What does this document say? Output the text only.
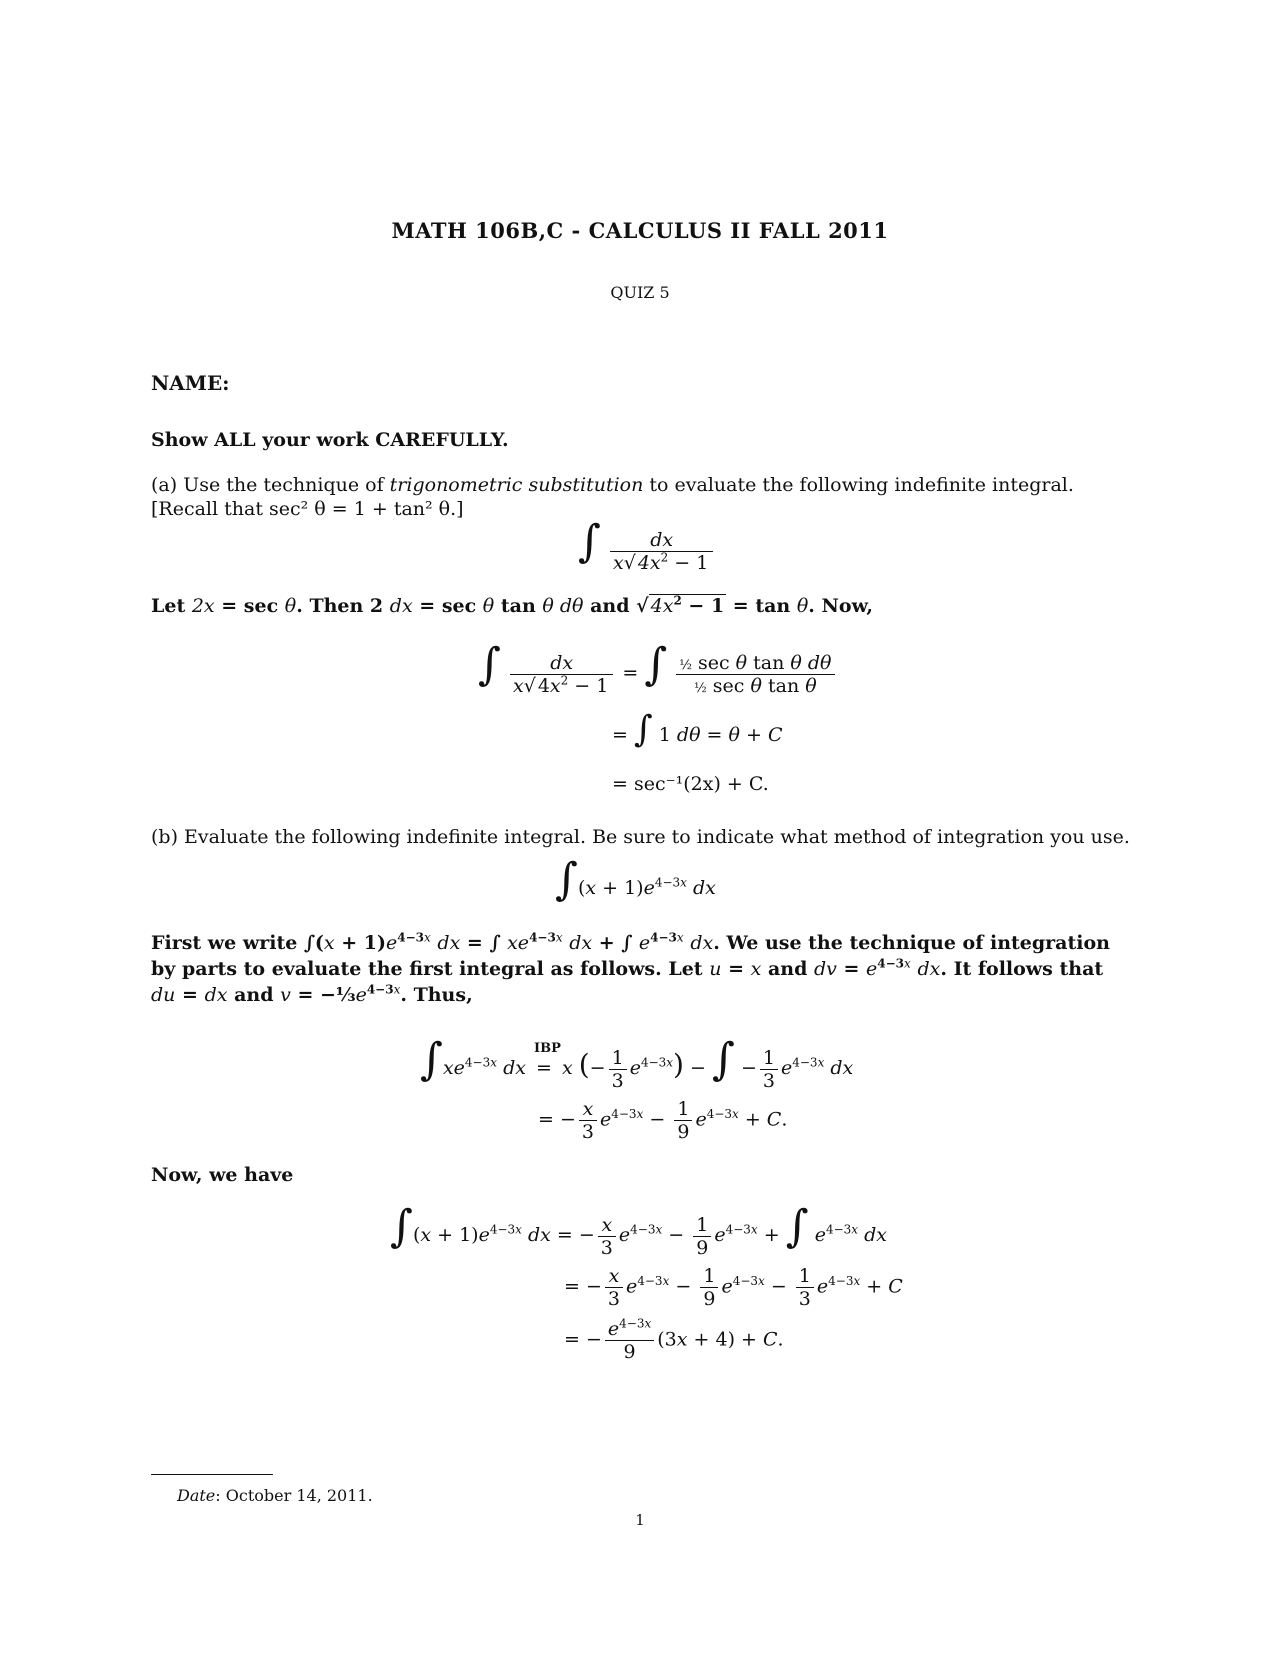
MATH 106B,C - CALCULUS II FALL 2011
QUIZ 5
NAME:
Show ALL your work CAREFULLY.
(a) Use the technique of trigonometric substitution to evaluate the following indefinite integral. [Recall that sec² θ = 1 + tan² θ.]
∫ $\frac{dx}{x√ 4x^2 - 1}$
Let 2x = sec θ. Then 2 dx = sec θ tan θ dθ and √ $4x^2 - 1 = \tan \theta$. Now,
∫ $\frac{dx}{x√ 4x^2 - 1}$ = ∫ $\frac{\text{½ sec θ tan θ dθ}}{\text{½ sec θ tan θ}}$
= ∫ 1 dθ = θ + C
= sec⁻¹(2x) + C.
(b) Evaluate the following indefinite integral. Be sure to indicate what method of integration you use.
$\int(x + 1)e^{4-3x}$ dx
First we write $\int(x + 1)e^{4-3x}$ dx = ∫ $xe^{4-3x}$ dx + ∫ $e^{4-3x}$ dx. We use the technique of integration by parts to evaluate the first integral as follows. Let u = x and dv = $e^{4-3x}$ dx. It follows that du = dx and $v = -\frac{1}{3}e^{4-3x}$. Thus,
$\int xe^{4-3x}$ dx
IBP
= x (− $\frac{1}{3} e^{4-3x}$) − ∫ − $\frac{1}{3} e^{4-3x}$ dx
= − $\frac{x}{3} e^{4-3x} - \frac{1}{9} e^{4-3x} + C$.
Now, we have
$\int(x + 1)e^{4-3x}$ dx = − $\frac{x}{3} e^{4-3x} - \frac{1}{9} e^{4-3x}$ + ∫ $e^{4-3x}$ dx
= − $\frac{x}{3} e^{4-3x} - \frac{1}{9} e^{4-3x} - \frac{1}{3} e^{4-3x} + C$
= − $\frac{e^{4-3x}}{9} (3x + 4) + C$.
Date: October 14, 2011.
1
